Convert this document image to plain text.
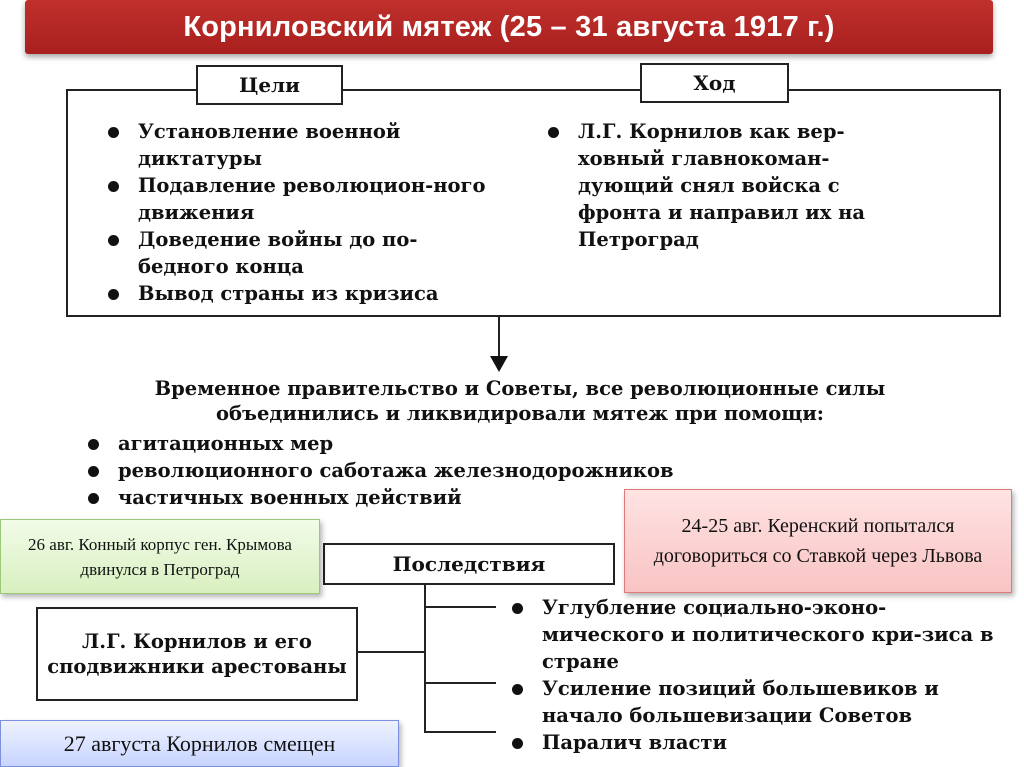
Корниловский мятеж (25 – 31 августа 1917 г.)
Цели	Ход
Установление военной диктатуры
Подавление революцион-ного движения
Доведение войны до по-бедного конца
Вывод страны из кризиса
Л.Г. Корнилов как вер-ховный главнокоман-дующий снял войска с фронта и направил их на Петроград
Временное правительство и Советы, все революционные силы объединились и ликвидировали мятеж при помощи:
агитационных мер
революционного саботажа железнодорожников
частичных военных действий
Последствия
Углубление социально-эконо-мического и политического кри-зиса в стране
Усиление позиций большевиков и начало большевизации Советов
Паралич власти
Л.Г. Корнилов и его сподвижники арестованы
26 авг. Конный корпус ген. Крымова двинулся в Петроград
24-25 авг. Керенский попытался договориться со Ставкой через Львова
27 августа Корнилов смещен
